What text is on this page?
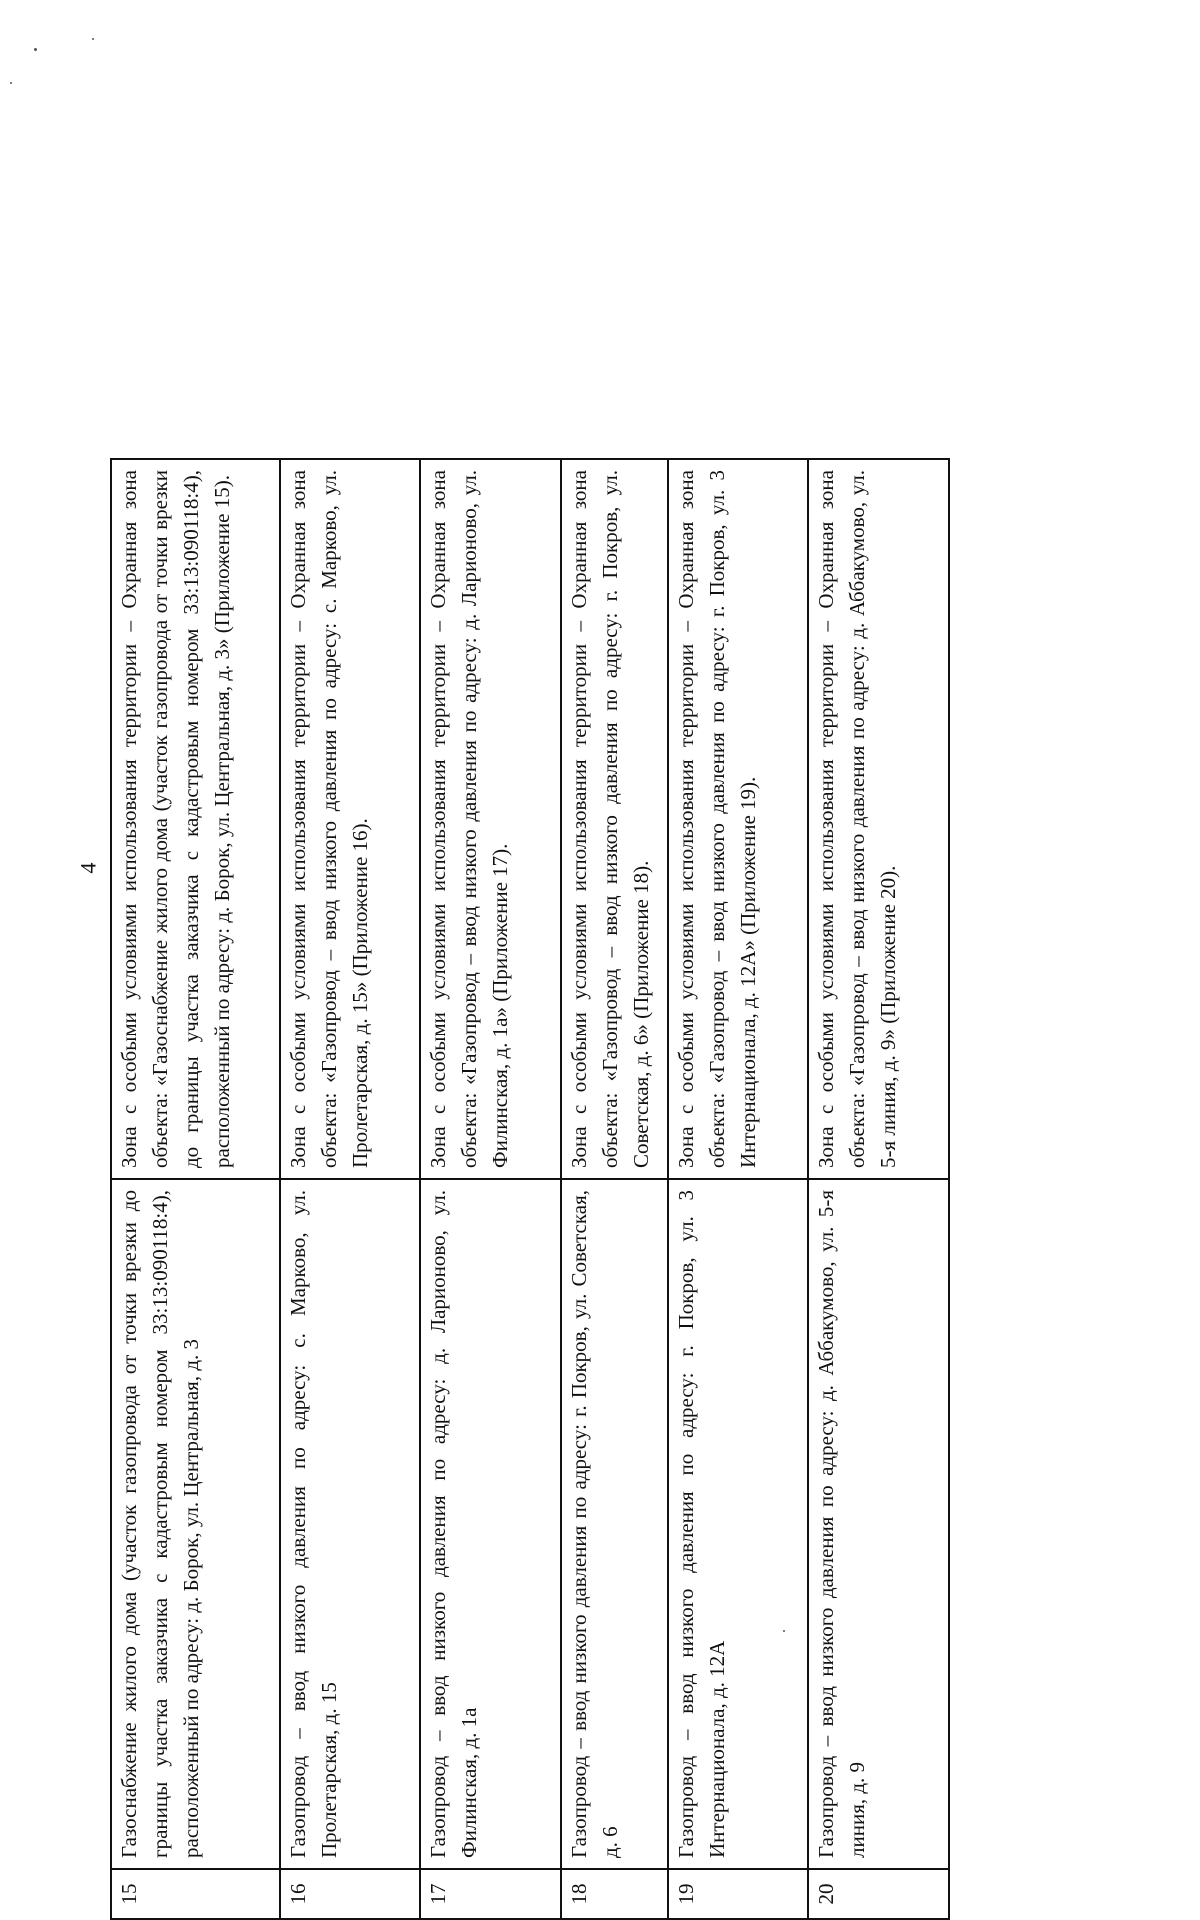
4
15	Газоснабжение жилого дома (участок газопровода от точки врезки до границы участка заказчика с кадастровым номером 33:13:090118:4), расположенный по адресу: д. Борок, ул. Центральная, д. 3	Зона с особыми условиями использования территории – Охранная зона объекта: «Газоснабжение жилого дома (участок газопровода от точки врезки до границы участка заказчика с кадастровым номером 33:13:090118:4), расположенный по адресу: д. Борок, ул. Центральная, д. 3» (Приложение 15).
16	Газопровод – ввод низкого давления по адресу: с. Марково, ул. Пролетарская, д. 15	Зона с особыми условиями использования территории – Охранная зона объекта: «Газопровод – ввод низкого давления по адресу: с. Марково, ул. Пролетарская, д. 15» (Приложение 16).
17	Газопровод – ввод низкого давления по адресу: д. Ларионово, ул. Филинская, д. 1а	Зона с особыми условиями использования территории – Охранная зона объекта: «Газопровод – ввод низкого давления по адресу: д. Ларионово, ул. Филинская, д. 1а» (Приложение 17).
18	Газопровод – ввод низкого давления по адресу: г. Покров, ул. Советская, д. 6	Зона с особыми условиями использования территории – Охранная зона объекта: «Газопровод – ввод низкого давления по адресу: г. Покров, ул. Советская, д. 6» (Приложение 18).
19	Газопровод – ввод низкого давления по адресу: г. Покров, ул. 3 Интернационала, д. 12А	Зона с особыми условиями использования территории – Охранная зона объекта: «Газопровод – ввод низкого давления по адресу: г. Покров, ул. 3 Интернационала, д. 12А» (Приложение 19).
20	Газопровод – ввод низкого давления по адресу: д. Аббакумово, ул. 5-я линия, д. 9	Зона с особыми условиями использования территории – Охранная зона объекта: «Газопровод – ввод низкого давления по адресу: д. Аббакумово, ул. 5-я линия, д. 9» (Приложение 20).
